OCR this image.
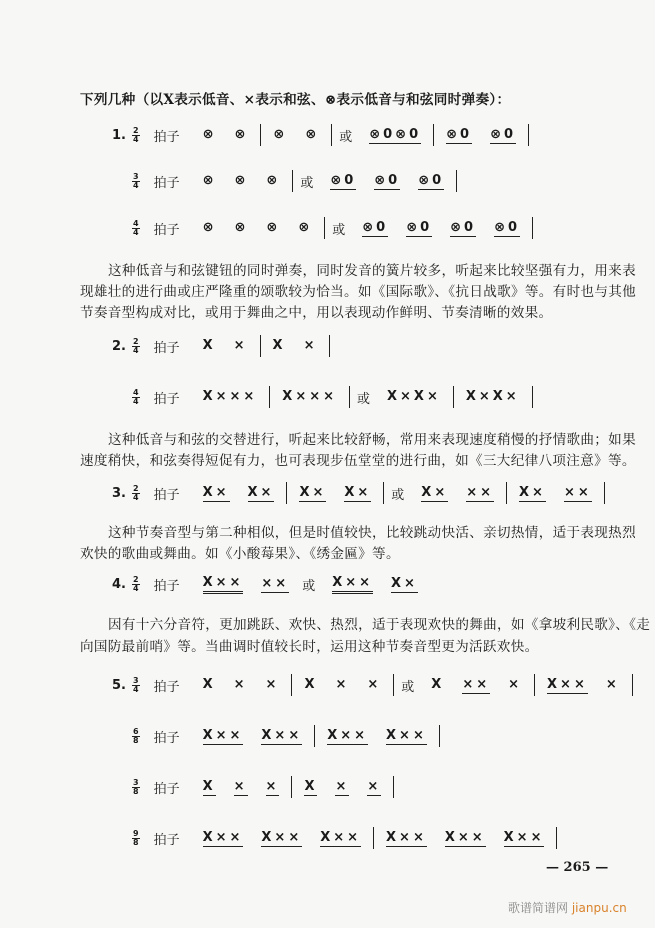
下列几种（以X表示低音、×表示和弦、⊗表示低音与和弦同时弹奏）：
1. $\frac{2}{4}$ 拍子 ⊗ ⊗ ⊗ ⊗ 或 ⊗0⊗0 ⊗0 ⊗0
$\frac{3}{4}$ 拍子 ⊗ ⊗ ⊗ 或 ⊗0 ⊗0 ⊗0
$\frac{4}{4}$ 拍子 ⊗ ⊗ ⊗ ⊗ 或 ⊗0 ⊗0 ⊗0 ⊗0
2. $\frac{2}{4}$ 拍子 X × X ×
$\frac{4}{4}$ 拍子 X××× X××× 或 X×X× X×X×
3. $\frac{2}{4}$ 拍子 X× X× X× X× 或 X× ×× X× ××
4. $\frac{2}{4}$ 拍子 X×× ×× 或 X×× X×
5. $\frac{3}{4}$ 拍子 X × × X × × 或 X ×× × X×× ×
$\frac{6}{8}$ 拍子 X×× X×× X×× X××
$\frac{3}{8}$ 拍子 X × × X × ×
$\frac{9}{8}$ 拍子 X×× X×× X×× X×× X×× X××
这种低音与和弦键钮的同时弹奏，同时发音的簧片较多，听起来比较坚强有力，用来表
现雄壮的进行曲或庄严隆重的颂歌较为恰当。如《国际歌》、《抗日战歌》等。有时也与其他
节奏音型构成对比，或用于舞曲之中，用以表现动作鲜明、节奏清晰的效果。
这种低音与和弦的交替进行，听起来比较舒畅，常用来表现速度稍慢的抒情歌曲；如果
速度稍快，和弦奏得短促有力，也可表现步伍堂堂的进行曲，如《三大纪律八项注意》等。
这种节奏音型与第二种相似，但是时值较快，比较跳动快活、亲切热情，适于表现热烈
欢快的歌曲或舞曲。如《小酸莓果》、《绣金匾》等。
因有十六分音符，更加跳跃、欢快、热烈，适于表现欢快的舞曲，如《拿坡利民歌》、《走
向国防最前哨》等。当曲调时值较长时，运用这种节奏音型更为活跃欢快。
— 265 —
歌谱简谱网 jianpu.cn
